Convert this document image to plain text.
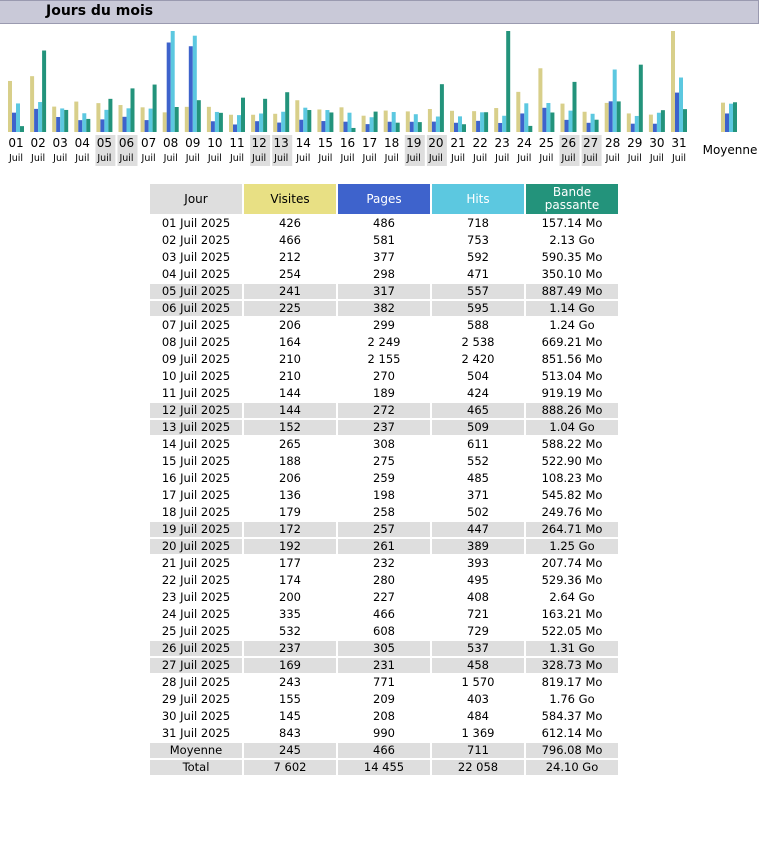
Jours du mois
01
Juil
02
Juil
03
Juil
04
Juil
05
Juil
06
Juil
07
Juil
08
Juil
09
Juil
10
Juil
11
Juil
12
Juil
13
Juil
14
Juil
15
Juil
16
Juil
17
Juil
18
Juil
19
Juil
20
Juil
21
Juil
22
Juil
23
Juil
24
Juil
25
Juil
26
Juil
27
Juil
28
Juil
29
Juil
30
Juil
31
Juil
Moyenne
Jour	Visites	Pages	Hits	Bande passante
01 Juil 2025	426	486	718	157.14 Mo
02 Juil 2025	466	581	753	2.13 Go
03 Juil 2025	212	377	592	590.35 Mo
04 Juil 2025	254	298	471	350.10 Mo
05 Juil 2025	241	317	557	887.49 Mo
06 Juil 2025	225	382	595	1.14 Go
07 Juil 2025	206	299	588	1.24 Go
08 Juil 2025	164	2 249	2 538	669.21 Mo
09 Juil 2025	210	2 155	2 420	851.56 Mo
10 Juil 2025	210	270	504	513.04 Mo
11 Juil 2025	144	189	424	919.19 Mo
12 Juil 2025	144	272	465	888.26 Mo
13 Juil 2025	152	237	509	1.04 Go
14 Juil 2025	265	308	611	588.22 Mo
15 Juil 2025	188	275	552	522.90 Mo
16 Juil 2025	206	259	485	108.23 Mo
17 Juil 2025	136	198	371	545.82 Mo
18 Juil 2025	179	258	502	249.76 Mo
19 Juil 2025	172	257	447	264.71 Mo
20 Juil 2025	192	261	389	1.25 Go
21 Juil 2025	177	232	393	207.74 Mo
22 Juil 2025	174	280	495	529.36 Mo
23 Juil 2025	200	227	408	2.64 Go
24 Juil 2025	335	466	721	163.21 Mo
25 Juil 2025	532	608	729	522.05 Mo
26 Juil 2025	237	305	537	1.31 Go
27 Juil 2025	169	231	458	328.73 Mo
28 Juil 2025	243	771	1 570	819.17 Mo
29 Juil 2025	155	209	403	1.76 Go
30 Juil 2025	145	208	484	584.37 Mo
31 Juil 2025	843	990	1 369	612.14 Mo
Moyenne	245	466	711	796.08 Mo
Total	7 602	14 455	22 058	24.10 Go
